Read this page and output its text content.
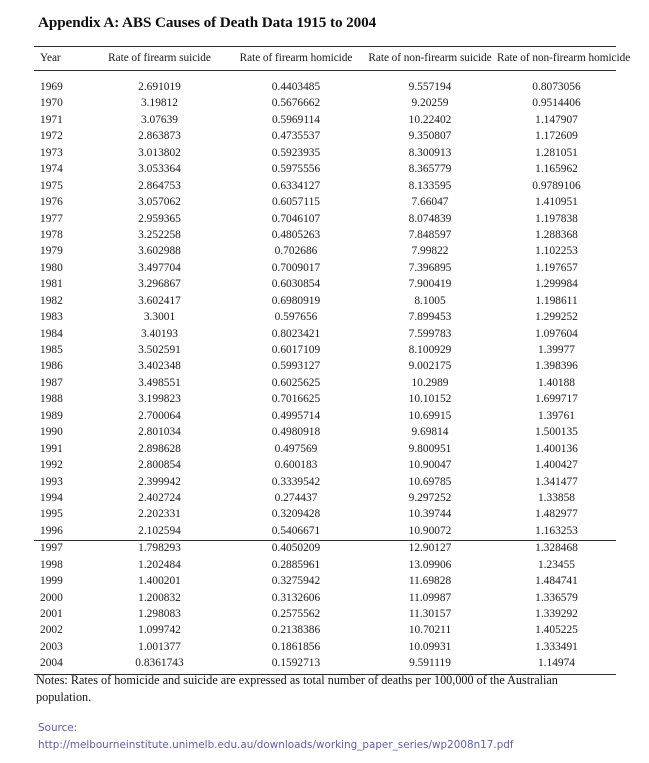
Appendix A: ABS Causes of Death Data 1915 to 2004
Year	Rate of firearm suicide	Rate of firearm homicide	Rate of non-firearm suicide	Rate of non-firearm homicide
1969	2.691019	0.4403485	9.557194	0.8073056
1970	3.19812	0.5676662	9.20259	0.9514406
1971	3.07639	0.5969114	10.22402	1.147907
1972	2.863873	0.4735537	9.350807	1.172609
1973	3.013802	0.5923935	8.300913	1.281051
1974	3.053364	0.5975556	8.365779	1.165962
1975	2.864753	0.6334127	8.133595	0.9789106
1976	3.057062	0.6057115	7.66047	1.410951
1977	2.959365	0.7046107	8.074839	1.197838
1978	3.252258	0.4805263	7.848597	1.288368
1979	3.602988	0.702686	7.99822	1.102253
1980	3.497704	0.7009017	7.396895	1.197657
1981	3.296867	0.6030854	7.900419	1.299984
1982	3.602417	0.6980919	8.1005	1.198611
1983	3.3001	0.597656	7.899453	1.299252
1984	3.40193	0.8023421	7.599783	1.097604
1985	3.502591	0.6017109	8.100929	1.39977
1986	3.402348	0.5993127	9.002175	1.398396
1987	3.498551	0.6025625	10.2989	1.40188
1988	3.199823	0.7016625	10.10152	1.699717
1989	2.700064	0.4995714	10.69915	1.39761
1990	2.801034	0.4980918	9.69814	1.500135
1991	2.898628	0.497569	9.800951	1.400136
1992	2.800854	0.600183	10.90047	1.400427
1993	2.399942	0.3339542	10.69785	1.341477
1994	2.402724	0.274437	9.297252	1.33858
1995	2.202331	0.3209428	10.39744	1.482977
1996	2.102594	0.5406671	10.90072	1.163253
1997	1.798293	0.4050209	12.90127	1.328468
1998	1.202484	0.2885961	13.09906	1.23455
1999	1.400201	0.3275942	11.69828	1.484741
2000	1.200832	0.3132606	11.09987	1.336579
2001	1.298083	0.2575562	11.30157	1.339292
2002	1.099742	0.2138386	10.70211	1.405225
2003	1.001377	0.1861856	10.09931	1.333491
2004	0.8361743	0.1592713	9.591119	1.14974
Notes: Rates of homicide and suicide are expressed as total number of deaths per 100,000 of the Australian population.
Source:
http://melbourneinstitute.unimelb.edu.au/downloads/working_paper_series/wp2008n17.pdf
